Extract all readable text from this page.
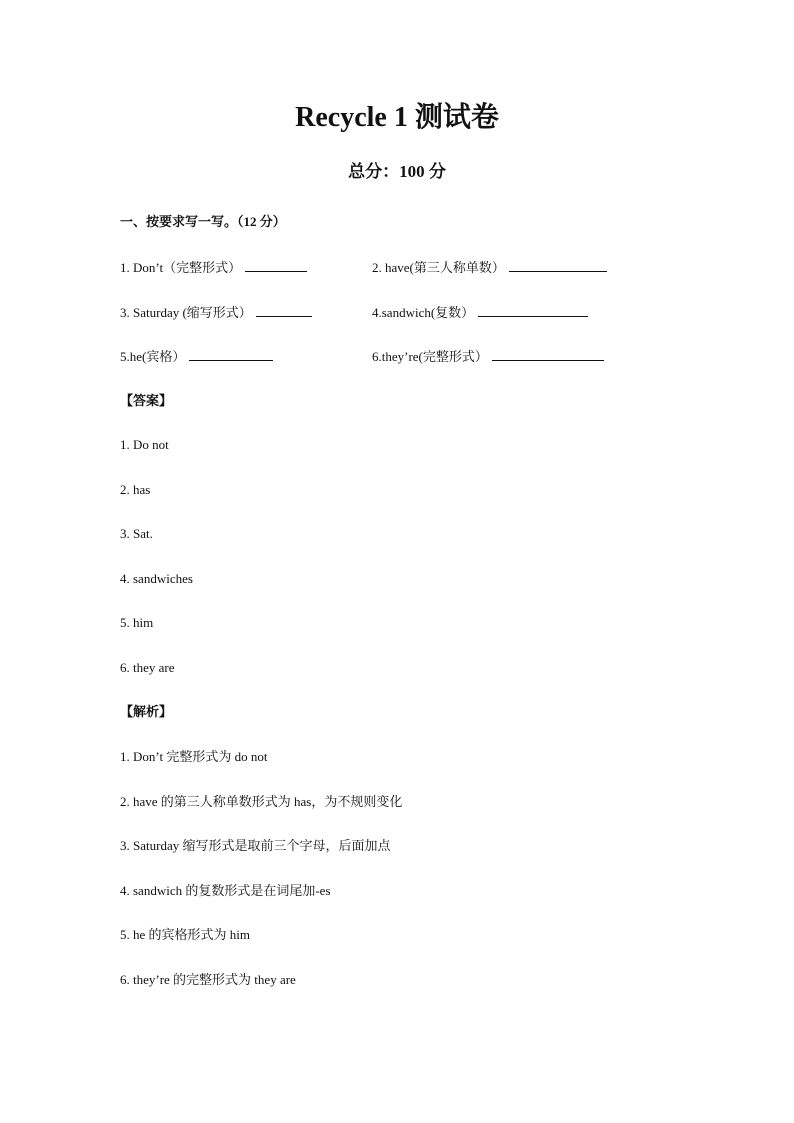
Recycle 1 测试卷
总分：100 分
一、按要求写一写。（12 分）
1. Don’t（完整形式）	2. have(第三人称单数）
3. Saturday (缩写形式）	4.sandwich(复数）
5.he(宾格）	6.they’re(完整形式）
【答案】
1. Do not
2. has
3. Sat.
4. sandwiches
5. him
6. they are
【解析】
1. Don’t 完整形式为 do not
2. have 的第三人称单数形式为 has，为不规则变化
3. Saturday 缩写形式是取前三个字母，后面加点
4. sandwich 的复数形式是在词尾加-es
5. he 的宾格形式为 him
6. they’re 的完整形式为 they are
